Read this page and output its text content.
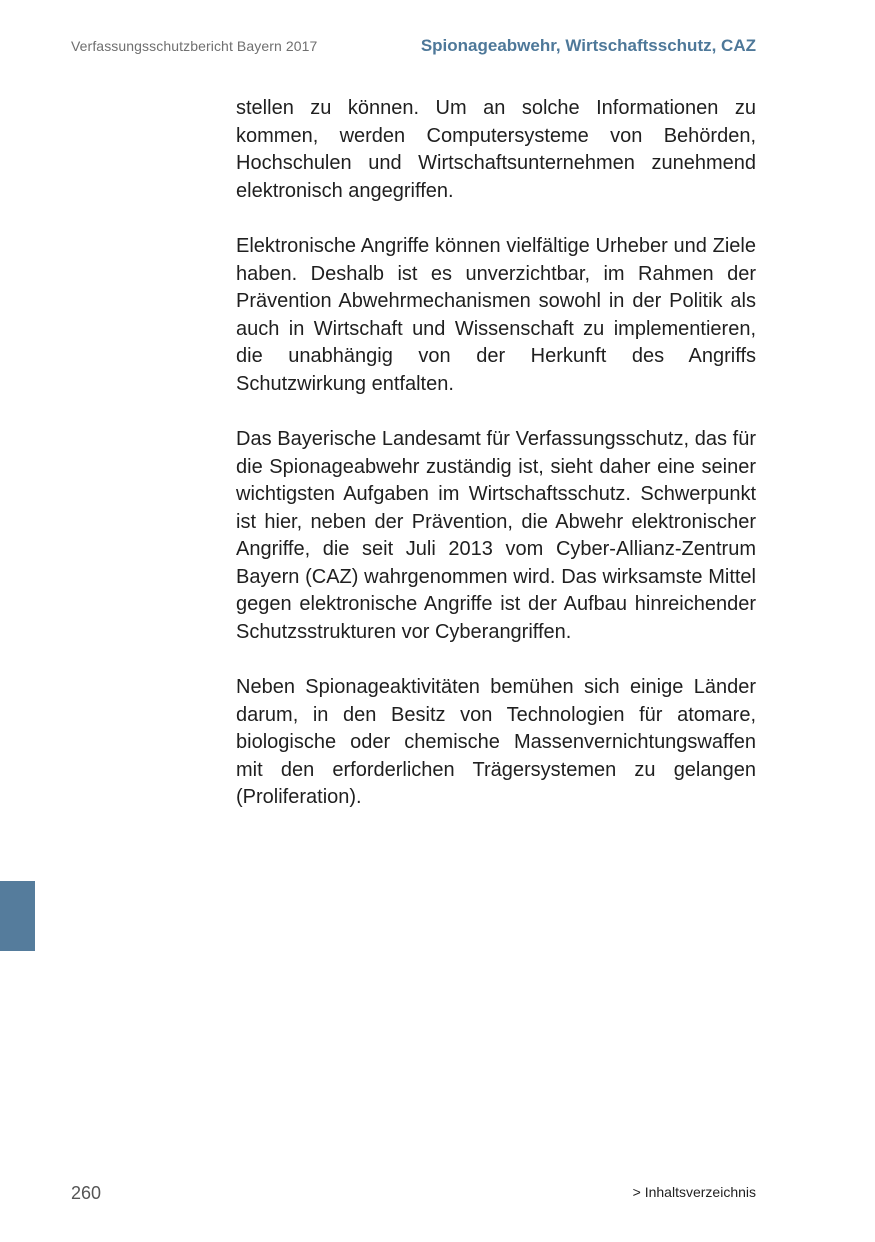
Verfassungsschutzbericht Bayern 2017	Spionageabwehr, Wirtschaftsschutz, CAZ

stellen zu können. Um an solche Informationen zu kommen, werden Computersysteme von Behörden, Hochschulen und Wirtschaftsunternehmen zunehmend elektronisch angegriffen.

Elektronische Angriffe können vielfältige Urheber und Ziele haben. Deshalb ist es unverzichtbar, im Rahmen der Prävention Abwehrmechanismen sowohl in der Politik als auch in Wirtschaft und Wissenschaft zu implementieren, die unabhängig von der Herkunft des Angriffs Schutzwirkung entfalten.

Das Bayerische Landesamt für Verfassungsschutz, das für die Spionageabwehr zuständig ist, sieht daher eine seiner wichtigsten Aufgaben im Wirtschaftsschutz. Schwerpunkt ist hier, neben der Prävention, die Abwehr elektronischer Angriffe, die seit Juli 2013 vom Cyber-Allianz-Zentrum Bayern (CAZ) wahrgenommen wird. Das wirksamste Mittel gegen elektronische Angriffe ist der Aufbau hinreichender Schutzsstrukturen vor Cyberangriffen.

Neben Spionageaktivitäten bemühen sich einige Länder darum, in den Besitz von Technologien für atomare, biologische oder chemische Massenvernichtungswaffen mit den erforderlichen Trägersystemen zu gelangen (Proliferation).

260	> Inhaltsverzeichnis
